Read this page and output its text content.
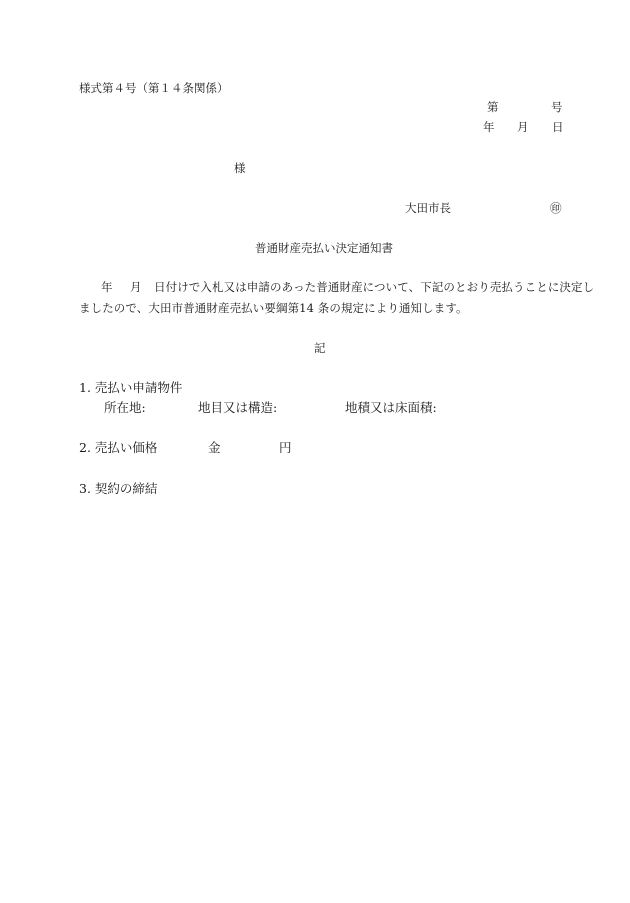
様式第４号（第１４条関係）
第	号
年 月 日
様
大田市長	㊞
普通財産売払い決定通知書
年 月 日付けで入札又は申請のあった普通財産について、下記のとおり売払うことに決定し
ましたので、大田市普通財産売払い要綱第14 条の規定により通知します。
記
1. 売払い申請物件
所在地:	地目又は構造:	地積又は床面積:
2. 売払い価格	金	円
3. 契約の締結
